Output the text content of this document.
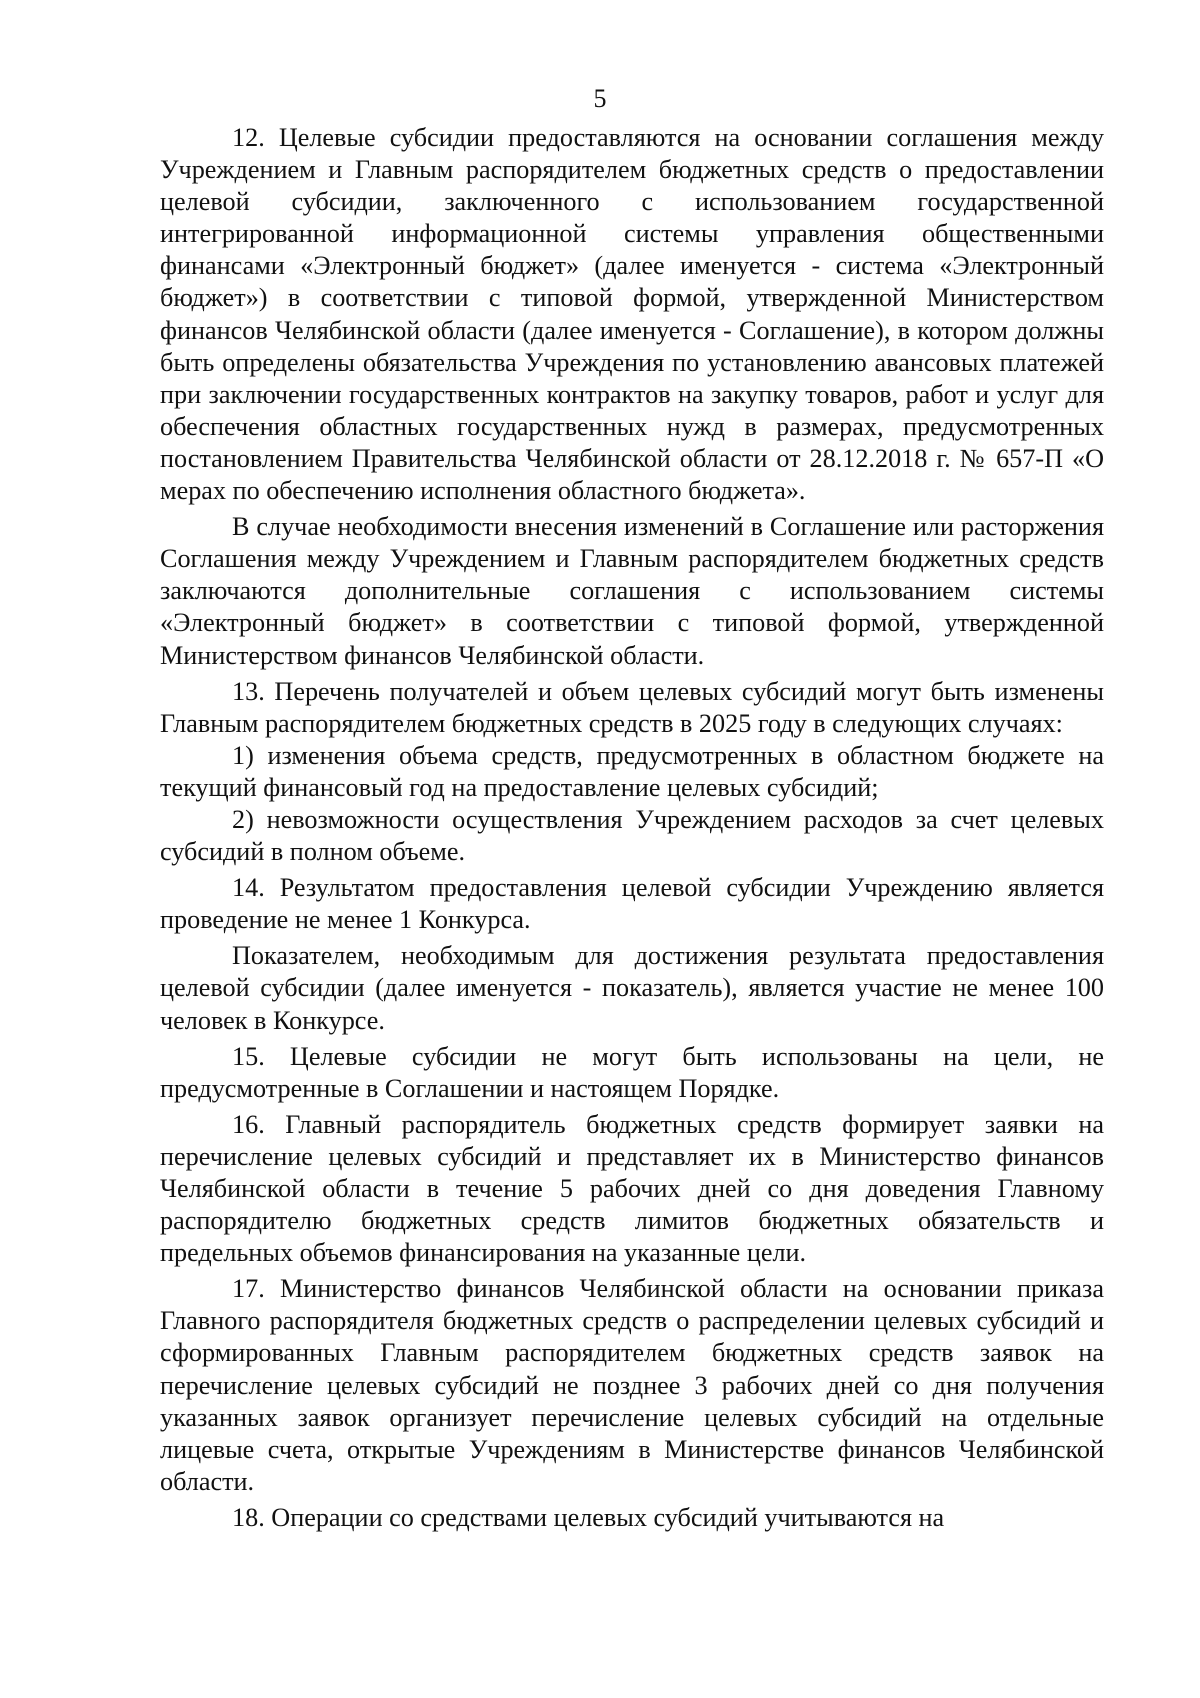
5

12. Целевые субсидии предоставляются на основании соглашения между Учреждением и Главным распорядителем бюджетных средств о предоставлении целевой субсидии, заключенного с использованием государственной интегрированной информационной системы управления общественными финансами «Электронный бюджет» (далее именуется - система «Электронный бюджет») в соответствии с типовой формой, утвержденной Министерством финансов Челябинской области (далее именуется - Соглашение), в котором должны быть определены обязательства Учреждения по установлению авансовых платежей при заключении государственных контрактов на закупку товаров, работ и услуг для обеспечения областных государственных нужд в размерах, предусмотренных постановлением Правительства Челябинской области от 28.12.2018 г. № 657-П «О мерах по обеспечению исполнения областного бюджета».

В случае необходимости внесения изменений в Соглашение или расторжения Соглашения между Учреждением и Главным распорядителем бюджетных средств заключаются дополнительные соглашения с использованием системы «Электронный бюджет» в соответствии с типовой формой, утвержденной Министерством финансов Челябинской области.

13. Перечень получателей и объем целевых субсидий могут быть изменены Главным распорядителем бюджетных средств в 2025 году в следующих случаях:

1) изменения объема средств, предусмотренных в областном бюджете на текущий финансовый год на предоставление целевых субсидий;

2) невозможности осуществления Учреждением расходов за счет целевых субсидий в полном объеме.

14. Результатом предоставления целевой субсидии Учреждению является проведение не менее 1 Конкурса.

Показателем, необходимым для достижения результата предоставления целевой субсидии (далее именуется - показатель), является участие не менее 100 человек в Конкурсе.

15. Целевые субсидии не могут быть использованы на цели, не предусмотренные в Соглашении и настоящем Порядке.

16. Главный распорядитель бюджетных средств формирует заявки на перечисление целевых субсидий и представляет их в Министерство финансов Челябинской области в течение 5 рабочих дней со дня доведения Главному распорядителю бюджетных средств лимитов бюджетных обязательств и предельных объемов финансирования на указанные цели.

17. Министерство финансов Челябинской области на основании приказа Главного распорядителя бюджетных средств о распределении целевых субсидий и сформированных Главным распорядителем бюджетных средств заявок на перечисление целевых субсидий не позднее 3 рабочих дней со дня получения указанных заявок организует перечисление целевых субсидий на отдельные лицевые счета, открытые Учреждениям в Министерстве финансов Челябинской области.

18. Операции со средствами целевых субсидий учитываются на
